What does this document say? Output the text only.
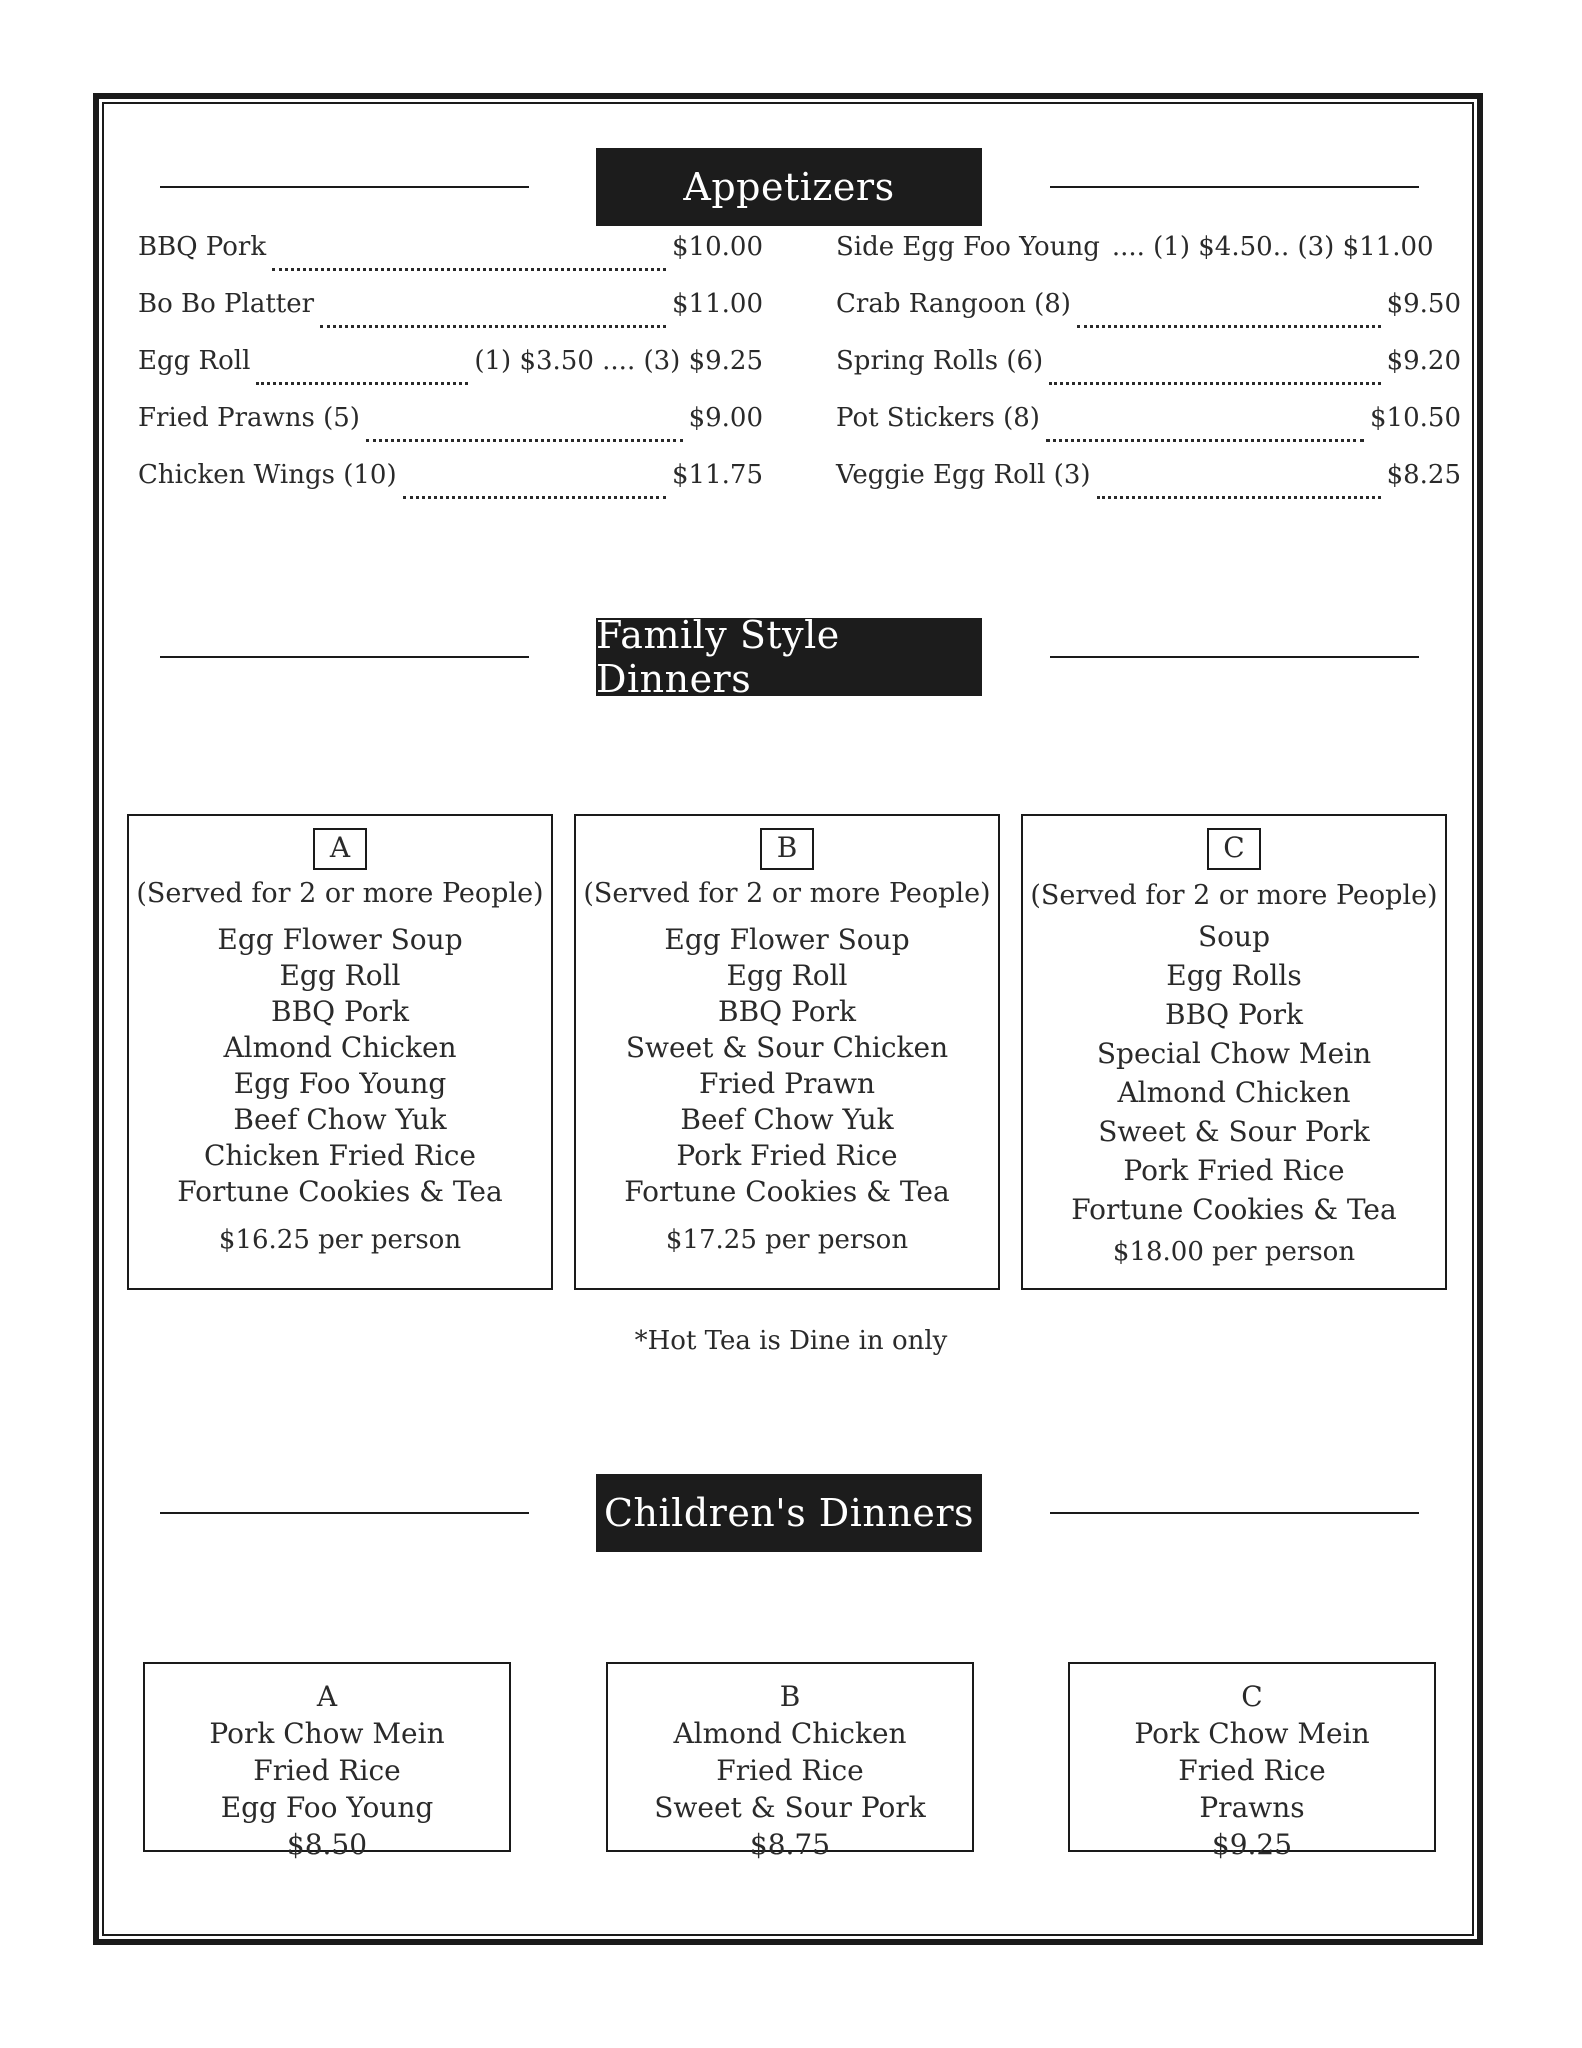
Appetizers
BBQ Pork	$10.00
Bo Bo Platter	$11.00
Egg Roll	(1) $3.50 .... (3) $9.25
Fried Prawns (5)	$9.00
Chicken Wings (10)	$11.75
Side Egg Foo Young .... (1) $4.50.. (3) $11.00
Crab Rangoon (8)	$9.50
Spring Rolls (6)	$9.20
Pot Stickers (8)	$10.50
Veggie Egg Roll (3)	$8.25
Family Style Dinners
A
(Served for 2 or more People)
Egg Flower Soup
Egg Roll
BBQ Pork
Almond Chicken
Egg Foo Young
Beef Chow Yuk
Chicken Fried Rice
Fortune Cookies & Tea
$16.25 per person
B
(Served for 2 or more People)
Egg Flower Soup
Egg Roll
BBQ Pork
Sweet & Sour Chicken
Fried Prawn
Beef Chow Yuk
Pork Fried Rice
Fortune Cookies & Tea
$17.25 per person
C
(Served for 2 or more People)
Soup
Egg Rolls
BBQ Pork
Special Chow Mein
Almond Chicken
Sweet & Sour Pork
Pork Fried Rice
Fortune Cookies & Tea
$18.00 per person
*Hot Tea is Dine in only
Children's Dinners
A
Pork Chow Mein
Fried Rice
Egg Foo Young
$8.50
B
Almond Chicken
Fried Rice
Sweet & Sour Pork
$8.75
C
Pork Chow Mein
Fried Rice
Prawns
$9.25
